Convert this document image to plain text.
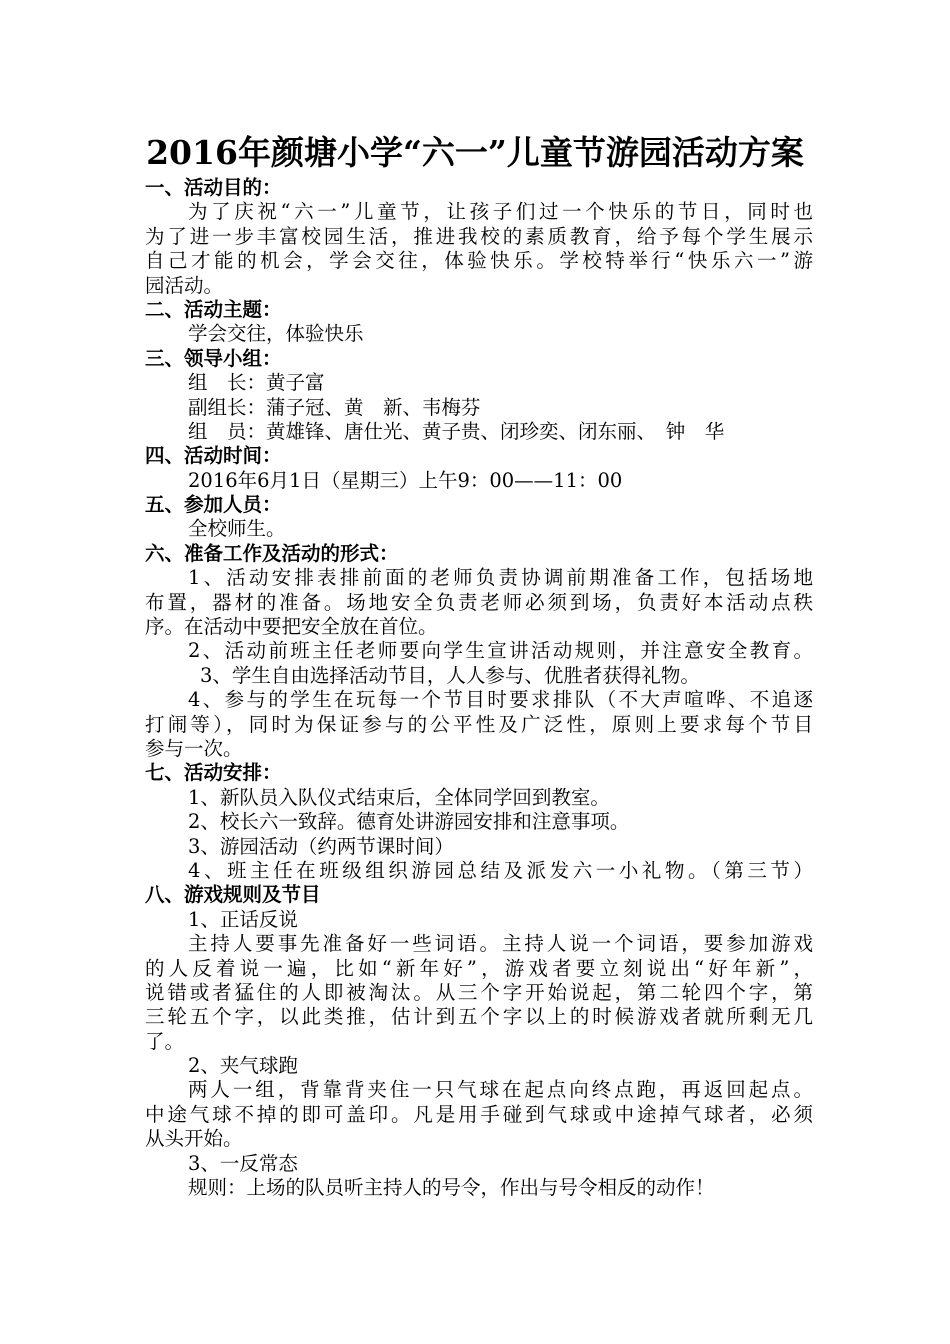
2016年颜塘小学“六一”儿童节游园活动方案
一、活动目的：
为了庆祝“六一”儿童节，让孩子们过一个快乐的节日，同时也
为了进一步丰富校园生活，推进我校的素质教育，给予每个学生展示
自己才能的机会，学会交往，体验快乐。学校特举行“快乐六一”游
园活动。
二、活动主题：
学会交往，体验快乐
三、领导小组：
组　长：黄子富
副组长：蒲子冠、黄　新、韦梅芬
组　员：黄雄锋、唐仕光、黄子贵、闭珍奕、闭东丽、　钟　华
四、活动时间：
2016年6月1日（星期三）上午9：00——11：00
五、参加人员：
全校师生。
六、准备工作及活动的形式：
1、活动安排表排前面的老师负责协调前期准备工作，包括场地
布置，器材的准备。场地安全负责老师必须到场，负责好本活动点秩
序。在活动中要把安全放在首位。
2、活动前班主任老师要向学生宣讲活动规则，并注意安全教育。
3、学生自由选择活动节目，人人参与、优胜者获得礼物。
4、参与的学生在玩每一个节目时要求排队（不大声喧哗、不追逐
打闹等），同时为保证参与的公平性及广泛性，原则上要求每个节目
参与一次。
七、活动安排：
1、新队员入队仪式结束后，全体同学回到教室。
2、校长六一致辞。德育处讲游园安排和注意事项。
3、游园活动（约两节课时间）
4、班主任在班级组织游园总结及派发六一小礼物。（第三节）
八、游戏规则及节目
1、正话反说
主持人要事先准备好一些词语。主持人说一个词语，要参加游戏
的人反着说一遍，比如“新年好”，游戏者要立刻说出“好年新”，
说错或者猛住的人即被淘汰。从三个字开始说起，第二轮四个字，第
三轮五个字，以此类推，估计到五个字以上的时候游戏者就所剩无几
了。
2、夹气球跑
两人一组，背靠背夹住一只气球在起点向终点跑，再返回起点。
中途气球不掉的即可盖印。凡是用手碰到气球或中途掉气球者，必须
从头开始。
3、一反常态
规则：上场的队员听主持人的号令，作出与号令相反的动作！
